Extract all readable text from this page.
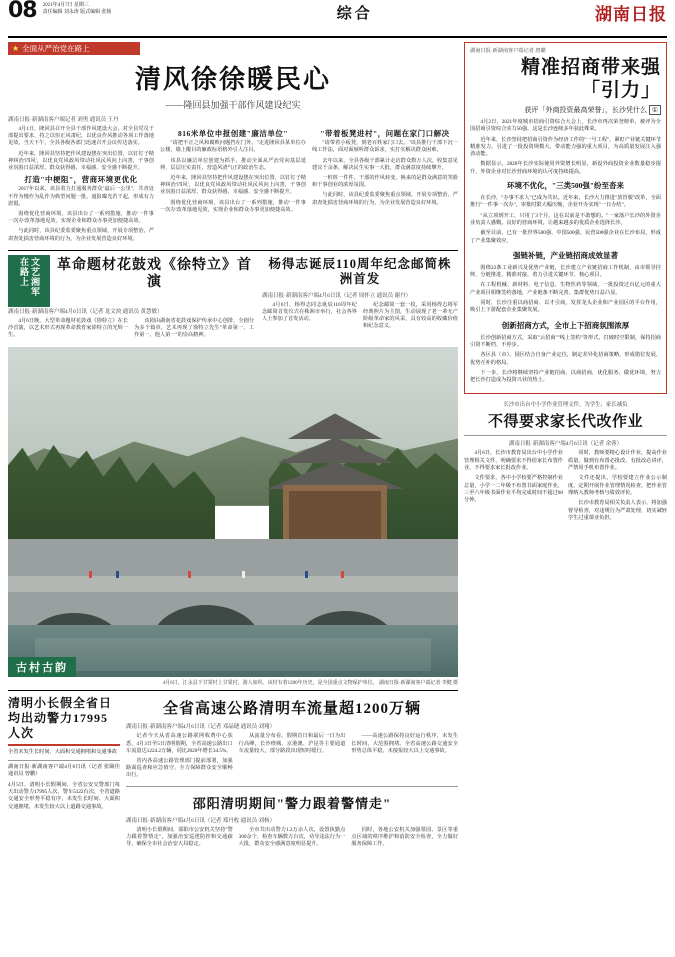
08 2021年4月7日 星期三
责任编辑 刘永涛 版式编辑 张杨	综合	湖南日报
★ 全面从严治党在路上
清风徐徐暖民心
——隆回县加强干部作风建设纪实
湖南日报·新湖南客户端记者 刘勇 通讯员 王丹

4月1日，隆回县召开全县干部作风建设大会，对全县党员干部提出要求，持之以恒正风肃纪，以优良作风推动各项工作落地见效。当天下午，全县各级各部门迅速召开会议传达落实。

近年来，隆回县坚持把作风建设摆在突出位置，以钉钉子精神纠治'四风'，以优良党风政风带动社风民风向上向善，干事创业氛围日益浓厚，群众获得感、幸福感、安全感不断提升。

打造"中梗阻"，营商环境更优化

2017年以来，该县着力打通服务群众"最后一公里"，共查处不作为慢作为乱作为典型问题一批，通报曝光若干起，形成有力震慑。

围绕优化营商环境，该县出台了一系列措施，推动'一件事一次办'改革落地见效，实现企业和群众办事更加便捷高效。

与此同时，该县纪委监委聚焦重点领域，开展专项整治，严肃查处损害营商环境的行为，为企业发展营造良好环境。

816米单位申报创建"廉洁单位"

"请把不正之风和腐败问题挡在门外。"走进隆回县某单位办公楼，墙上醒目的廉政标语格外引人注目。

该县以廉洁单位创建为抓手，推动全面从严治党向基层延伸，层层压实责任，营造风清气正的政治生态。

近年来，隆回县坚持把作风建设摆在突出位置，以钉钉子精神纠治'四风'，以优良党风政风带动社风民风向上向善，干事创业氛围日益浓厚，群众获得感、幸福感、安全感不断提升。

围绕优化营商环境，该县出台了一系列措施，推动'一件事一次办'改革落地见效，实现企业和群众办事更加便捷高效。

"带着板凳进村"，问题在家门口解决

"请带着小板凳，到老百姓家门口去。"该县推行干部下沉一线工作法，面对面倾听群众诉求，实打实解决群众困难。

去年以来，全县各级干部累计走访群众数万人次，收集意见建议千余条，解决民生实事一大批，群众满意度持续攀升。

一桩桩一件件，干部的作风转变，换来的是群众满意的笑脸和干事创业的浓厚氛围。

与此同时，该县纪委监委聚焦重点领域，开展专项整治，严肃查处损害营商环境的行为，为企业发展营造良好环境。

文艺湘军在路上	革命题材花鼓戏《徐特立》首演
湖南日报·新湖南客户端4月6日讯（记者 龙文泱 通讯员 黄慧敏）

4月6日晚，大型革命题材花鼓戏《徐特立》在长沙首演，以艺术形式再现革命教育家徐特立的光辉一生。

该剧由湖南省花鼓戏保护传承中心创排，全剧分为多个篇章，艺术再现了徐特立先生"革命第一、工作第一、他人第一"的崇高精神。

杨得志诞辰110周年纪念邮简株洲首发
湖南日报·新湖南客户端4月6日讯（记者 周怀立 通讯员 谢丹）

4月6日，杨得志同志诞辰110周年纪念邮简首发仪式在株洲市举行，社会各界人士参加了首发活动。

纪念邮简一套一枚，采用杨得志将军经典照片为主图，生动展现了老一辈无产阶级革命家的风采，具有较高的收藏价值和纪念意义。

古村古韵
4月6日，江永县下甘棠村上甘棠村，游人如织。该村有着1200年历史，是全国重点文物保护单位。 湖南日报·新湖南客户端记者 李健 摄
清明小长假全省日均出动警力17995人次
全省未发生长时间、大面积交通拥堵和交通事故
湖南日报·新湖南客户端4月6日讯（记者 张颐佳 通讯员 曾鹏）
4月5日，清明小长假期间，全省公安交警部门每天出动警力17995人次、警车5122台次，全省道路交通安全形势平稳有序，未发生长时间、大面积交通拥堵，未发生较大以上道路交通事故。
全省高速公路清明车流量超1200万辆
湖南日报·新湖南客户端4月6日讯（记者 邓晶琎 通讯员 刘翔）

记者今天从省高速公路联网收费中心获悉，4月3日至5日清明假期，全省高速公路出口车流量达1224.2万辆，同比2020年增长34.5%。

省内各高速公路管理部门提前部署，加强路面巡查和应急值守，全力保障群众安全顺畅出行。

从流量分布看，假期首日和最后一日为出行高峰，长沙绕城、京港澳、沪昆等主要通道车流量较大，部分路段出现短时缓行。

——高速公路保持良好运行秩序，未发生长时间、大范围拥堵。全省高速公路交通安全形势总体平稳，未接报较大以上交通事故。

邵阳清明期间"警力跟着警情走"
湖南日报·新湖南客户端4月6日讯（记者 郑丹枚 通讯员 刘杨）

清明小长假期间，邵阳市公安机关坚持"警力跟着警情走"，加强治安巡逻防控和交通疏导，确保全市社会治安大局稳定。

全市共出动警力1.2万余人次，设置执勤点300余个，检查车辆数万台次，劝导违法行为一大批，群众安全感满意度明显提升。

同时，各地公安机关加强墓园、景区等重点区域的秩序维护和消防安全检查，全力做好服务保障工作。

湖南日报·新湖南客户端记者 唐璐
精准招商带来强
「引力」
获评「外商投资最高荣誉」，长沙凭什么 ①

4月2日，2021年度城市招商引资综合大会上，长沙市再次荣登榜单，被评为全国招商引资综合实力50强，这是长沙连续多年获此殊荣。

近年来，长沙坚持把招商引资作为经济工作的"一号工程"，紧盯产业链关键环节精准发力，引进了一批投资规模大、带动能力强的重大项目，为高质量发展注入强劲动能。

数据显示，2020年长沙实际使用外资增长明显，新设外商投资企业数量稳步提升，外资企业对长沙营商环境的认可度持续提高。

环境不优化，"三类500强"纷至沓来

在长沙，"办事不求人"已成为共识。近年来，长沙大力推进"放管服"改革，全面推行"一件事一次办"，审批时限大幅压缩，企业开办实现"一日办结"。

"从立项到开工，只用了3个月，这在以前是不敢想的。"一家落户长沙的外资企业负责人感慨。良好的营商环境，让越来越多的优质企业选择长沙。

截至目前，已有一批世界500强、中国500强、民营500强企业在长沙布局，形成了产业集聚效应。

强链补链，产业链招商成效显著

围绕22条工业新兴及优势产业链，长沙建立产业链招商工作机制，由市领导挂帅，分链推进、精准对接，着力引进关键环节、核心项目。

在工程机械、新材料、电子信息、生物医药等领域，一批投资过百亿元的重大产业项目相继签约落地，产业链条不断完善，集群优势日益凸显。

同时，长沙注重以商招商、以才引商，发挥龙头企业和产业园区的平台作用，吸引上下游配套企业集聚发展。

创新招商方式，全市上下招商氛围浓厚

长沙创新招商方式，采取"云招商""线上签约"等形式，打破时空限制，保持招商引资不断档、不停步。

各区县（市）、园区结合自身产业定位，制定差异化招商策略，形成错位发展、优势互补的格局。

下一步，长沙将继续坚持产业链招商、以商招商，优化服务、做优环境，努力把长沙打造成为投资兴业的热土。

长沙市出台中小学作业管理文件，为学生、家长减负
不得要求家长代改作业
湖南日报·新湖南客户端4月6日讯（记者 余蓉）

4月6日，长沙市教育局出台中小学作业管理相关文件，明确要求不得给家长布置作业，不得要求家长批改作业。

文件要求，各中小学校要严格控制作业总量，小学一二年级不布置书面家庭作业，三至六年级书面作业平均完成时间不超过60分钟。

同时，教师要精心设计作业，提高作业质量，做到有布置必批改、有批改必讲评，严禁用手机布置作业。

文件还提出，学校要建立作业公示制度，定期开展作业管理情况检查，把作业管理纳入教师考核与绩效评价。

长沙市教育局相关负责人表示，将加强督导检查，对违规行为严肃处理，切实减轻学生过重课业负担。
